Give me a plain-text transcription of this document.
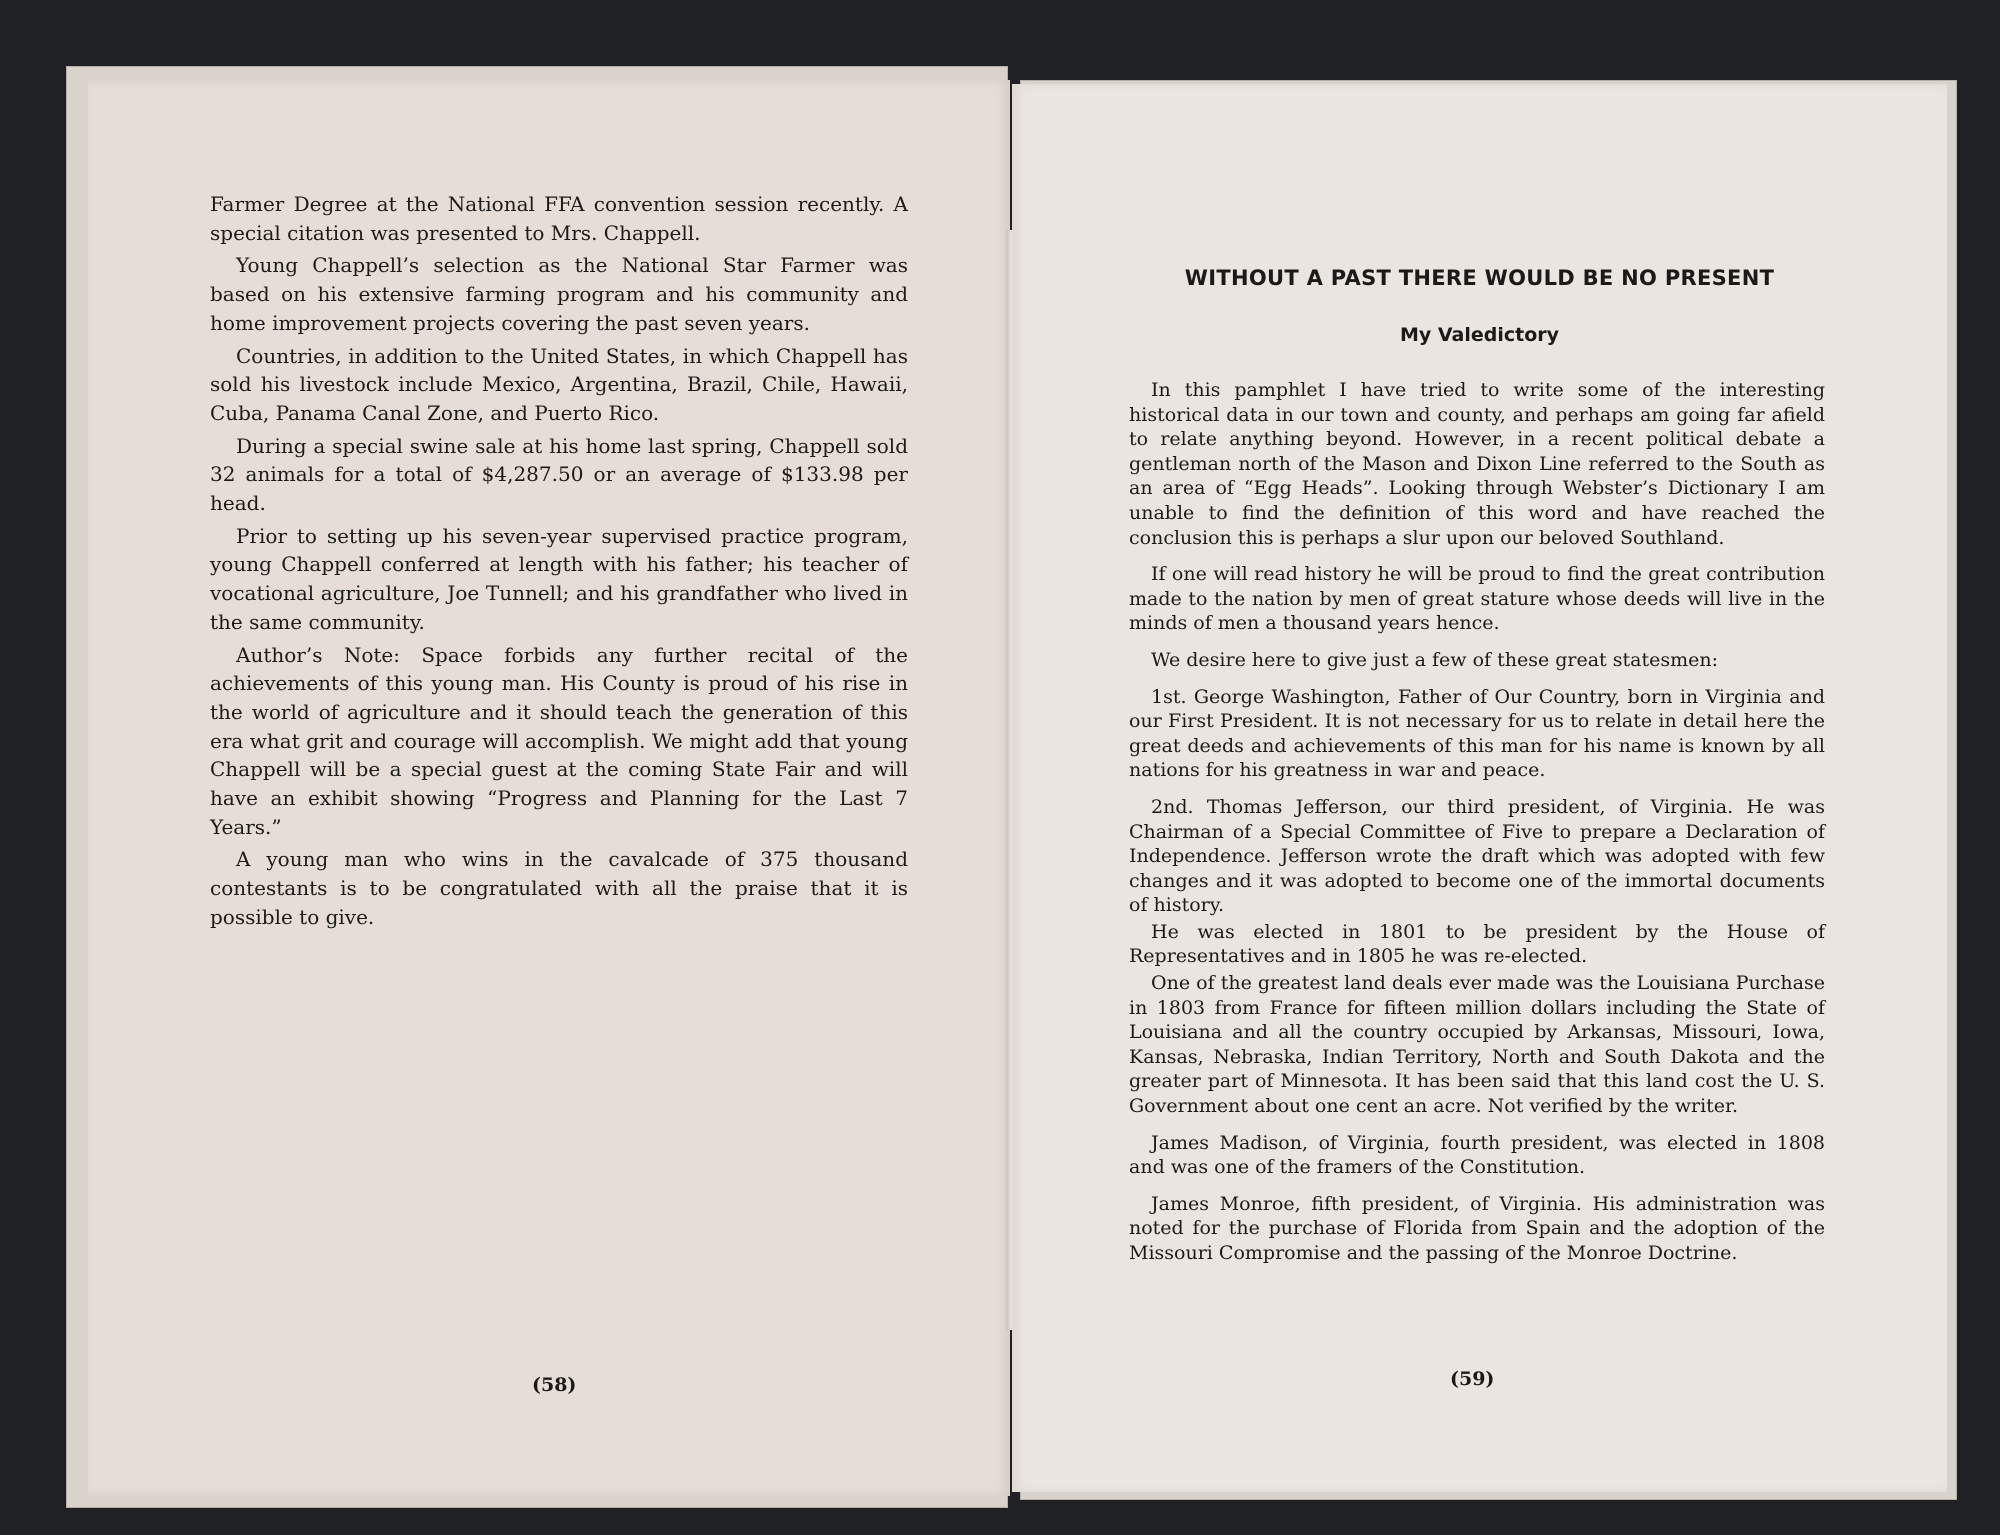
Farmer Degree at the National FFA convention session recently. A special citation was presented to Mrs. Chappell.

Young Chappell’s selection as the National Star Farmer was based on his extensive farming program and his community and home improvement projects covering the past seven years.

Countries, in addition to the United States, in which Chappell has sold his livestock include Mexico, Argentina, Brazil, Chile, Hawaii, Cuba, Panama Canal Zone, and Puerto Rico.

During a special swine sale at his home last spring, Chappell sold 32 animals for a total of $4,287.50 or an average of $133.98 per head.

Prior to setting up his seven-year supervised practice program, young Chappell conferred at length with his father; his teacher of vocational agriculture, Joe Tunnell; and his grandfather who lived in the same community.

Author’s Note: Space forbids any further recital of the achievements of this young man. His County is proud of his rise in the world of agriculture and it should teach the generation of this era what grit and courage will accomplish. We might add that young Chappell will be a special guest at the coming State Fair and will have an exhibit showing “Progress and Planning for the Last 7 Years.”

A young man who wins in the cavalcade of 375 thousand contestants is to be congratulated with all the praise that it is possible to give.

(58)
WITHOUT A PAST THERE WOULD BE NO PRESENT
My Valedictory

In this pamphlet I have tried to write some of the interesting historical data in our town and county, and perhaps am going far afield to relate anything beyond. However, in a recent political debate a gentleman north of the Mason and Dixon Line referred to the South as an area of “Egg Heads”. Looking through Webster’s Dictionary I am unable to find the definition of this word and have reached the conclusion this is perhaps a slur upon our beloved Southland.

If one will read history he will be proud to find the great contribution made to the nation by men of great stature whose deeds will live in the minds of men a thousand years hence.

We desire here to give just a few of these great statesmen:

1st. George Washington, Father of Our Country, born in Virginia and our First President. It is not necessary for us to relate in detail here the great deeds and achievements of this man for his name is known by all nations for his greatness in war and peace.

2nd. Thomas Jefferson, our third president, of Virginia. He was Chairman of a Special Committee of Five to prepare a Declaration of Independence. Jefferson wrote the draft which was adopted with few changes and it was adopted to become one of the immortal documents of history.

He was elected in 1801 to be president by the House of Representatives and in 1805 he was re-elected.

One of the greatest land deals ever made was the Louisiana Purchase in 1803 from France for fifteen million dollars including the State of Louisiana and all the country occupied by Arkansas, Missouri, Iowa, Kansas, Nebraska, Indian Territory, North and South Dakota and the greater part of Minnesota. It has been said that this land cost the U. S. Government about one cent an acre. Not verified by the writer.

James Madison, of Virginia, fourth president, was elected in 1808 and was one of the framers of the Constitution.

James Monroe, fifth president, of Virginia. His administration was noted for the purchase of Florida from Spain and the adoption of the Missouri Compromise and the passing of the Monroe Doctrine.

(59)
